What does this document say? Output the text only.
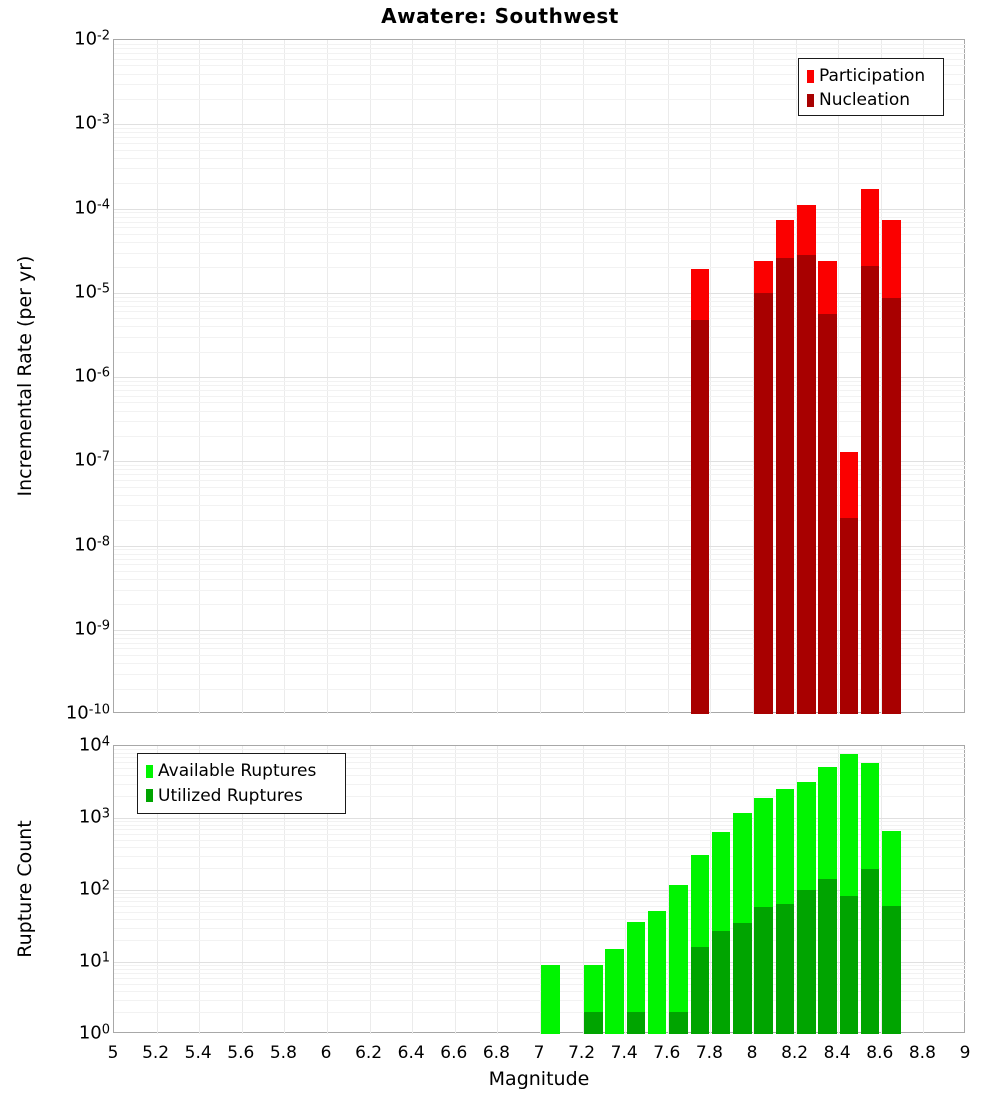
Awatere: Southwest
Incremental Rate (per yr)
Participation
Nucleation
Rupture Count
Available Ruptures
Utilized Ruptures
Magnitude
5 5.2 5.4 5.6 5.8 6 6.2 6.4 6.6 6.8 7 7.2 7.4 7.6 7.8 8 8.2 8.4 8.6 8.8 9
$10^{-2}$
$10^{-3}$
$10^{-4}$
$10^{-5}$
$10^{-6}$
$10^{-7}$
$10^{-8}$
$10^{-9}$
$10^{-10}$
$10^0$
$10^1$
$10^2$
$10^3$
$10^4$
